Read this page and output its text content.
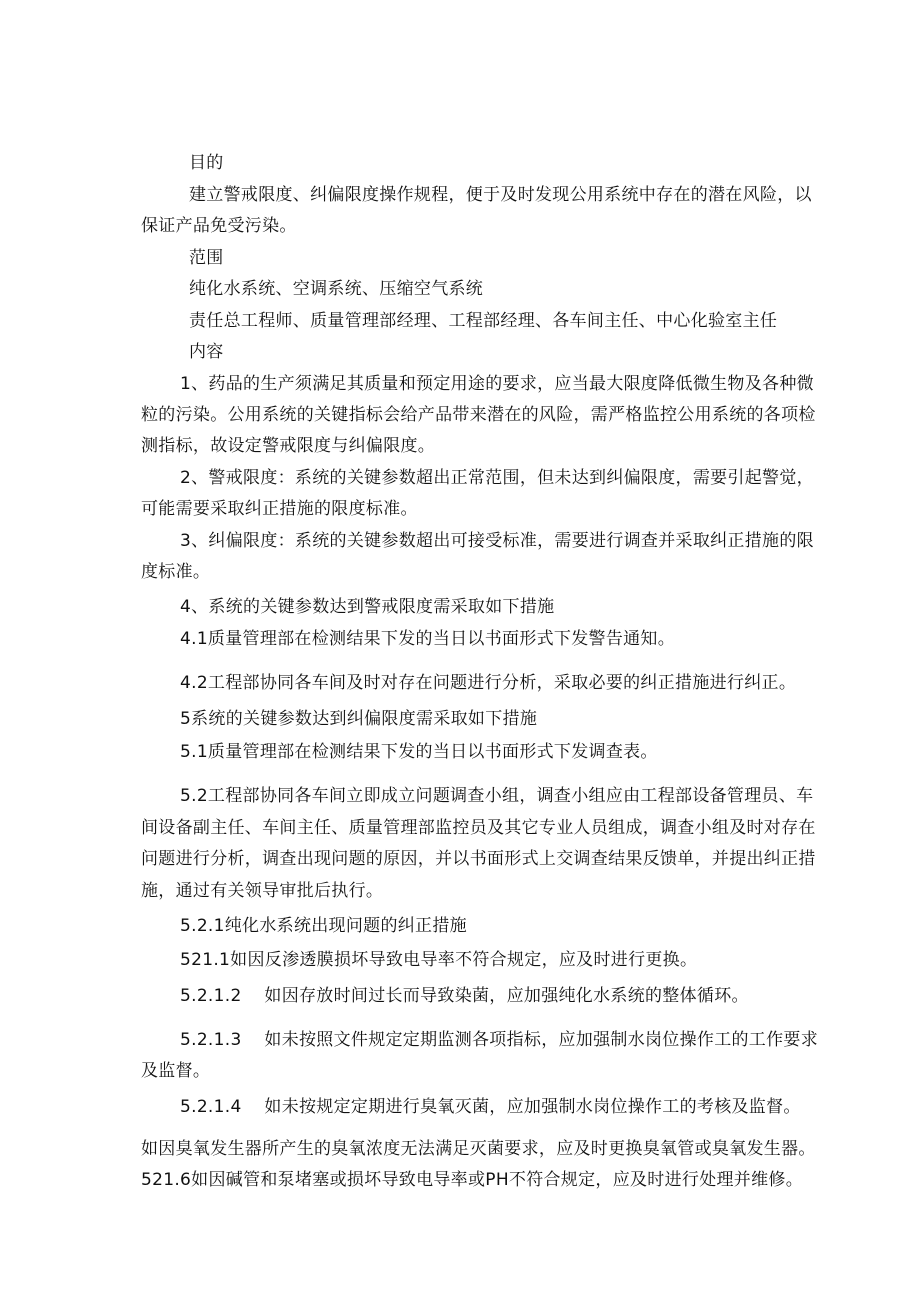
目的
建立警戒限度、纠偏限度操作规程，便于及时发现公用系统中存在的潜在风险，以
保证产品免受污染。
范围
纯化水系统、空调系统、压缩空气系统
责任总工程师、质量管理部经理、工程部经理、各车间主任、中心化验室主任
内容
1、药品的生产须满足其质量和预定用途的要求，应当最大限度降低微生物及各种微
粒的污染。公用系统的关键指标会给产品带来潜在的风险，需严格监控公用系统的各项检
测指标，故设定警戒限度与纠偏限度。
2、警戒限度：系统的关键参数超出正常范围，但未达到纠偏限度，需要引起警觉，
可能需要采取纠正措施的限度标准。
3、纠偏限度：系统的关键参数超出可接受标准，需要进行调查并采取纠正措施的限
度标准。
4、系统的关键参数达到警戒限度需采取如下措施
4.1质量管理部在检测结果下发的当日以书面形式下发警告通知。
4.2工程部协同各车间及时对存在问题进行分析，采取必要的纠正措施进行纠正。
5系统的关键参数达到纠偏限度需采取如下措施
5.1质量管理部在检测结果下发的当日以书面形式下发调查表。
5.2工程部协同各车间立即成立问题调查小组，调查小组应由工程部设备管理员、车
间设备副主任、车间主任、质量管理部监控员及其它专业人员组成，调查小组及时对存在
问题进行分析，调查出现问题的原因，并以书面形式上交调查结果反馈单，并提出纠正措
施，通过有关领导审批后执行。
5.2.1纯化水系统出现问题的纠正措施
521.1如因反渗透膜损坏导致电导率不符合规定，应及时进行更换。
5.2.1.2    如因存放时间过长而导致染菌，应加强纯化水系统的整体循环。
5.2.1.3    如未按照文件规定定期监测各项指标，应加强制水岗位操作工的工作要求
及监督。
5.2.1.4    如未按规定定期进行臭氧灭菌，应加强制水岗位操作工的考核及监督。
如因臭氧发生器所产生的臭氧浓度无法满足灭菌要求，应及时更换臭氧管或臭氧发生器。
521.6如因碱管和泵堵塞或损坏导致电导率或PH不符合规定，应及时进行处理并维修。
